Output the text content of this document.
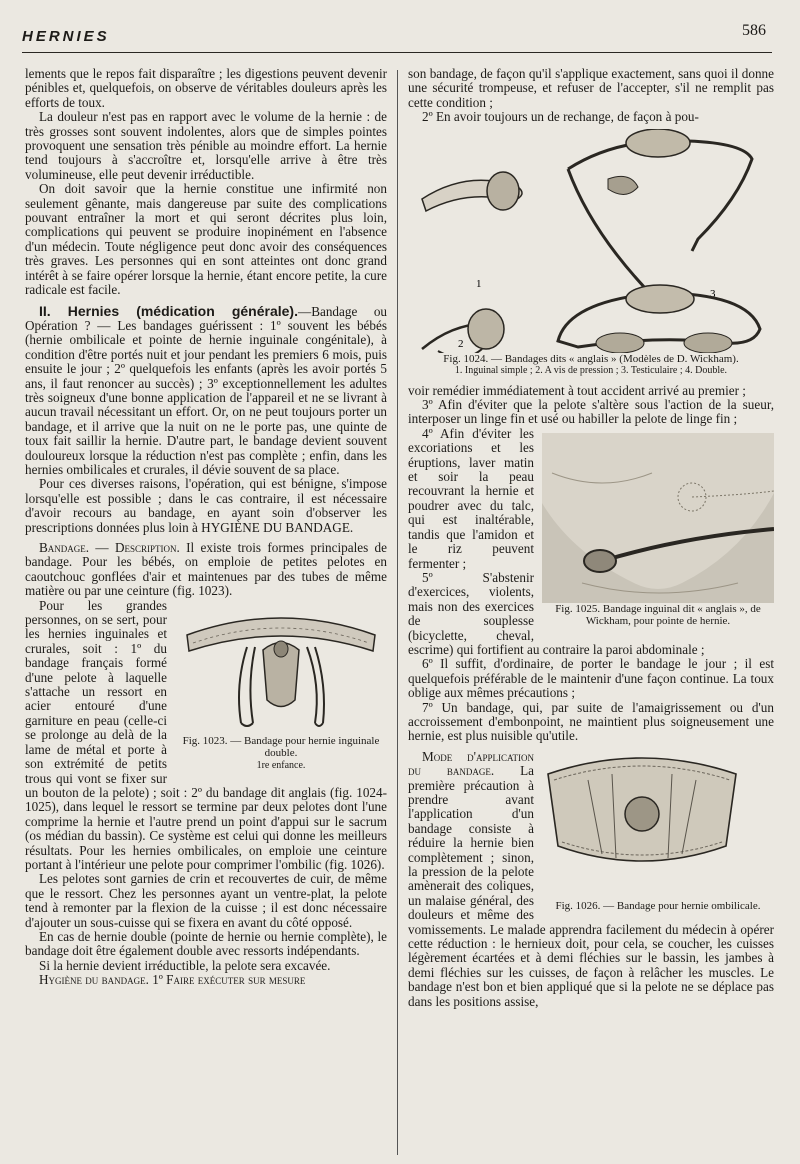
HERNIES	586

lements que le repos fait disparaître ; les digestions peuvent devenir pénibles et, quelquefois, on observe de véritables douleurs après les efforts de toux.

La douleur n'est pas en rapport avec le volume de la hernie : de très grosses sont souvent indolentes, alors que de simples pointes provoquent une sensation très pénible au moindre effort. La hernie tend toujours à s'accroître et, lorsqu'elle arrive à être très volumineuse, elle peut devenir irréductible.

On doit savoir que la hernie constitue une infirmité non seulement gênante, mais dangereuse par suite des complications pouvant entraîner la mort et qui seront décrites plus loin, complications qui peuvent se produire inopinément en l'absence d'un médecin. Toute négligence peut donc avoir des conséquences très graves. Les personnes qui en sont atteintes ont donc grand intérêt à se faire opérer lorsque la hernie, étant encore petite, la cure radicale est facile.

II. Hernies (médication générale).—Bandage ou Opération ? — Les bandages guérissent : 1º souvent les bébés (hernie ombilicale et pointe de hernie inguinale congénitale), à condition d'être portés nuit et jour pendant les premiers 6 mois, puis ensuite le jour ; 2º quelquefois les enfants (après les avoir portés 5 ans, il faut renoncer au succès) ; 3º exceptionnellement les adultes très soigneux d'une bonne application de l'appareil et ne se livrant à aucun travail nécessitant un effort. Or, on ne peut toujours porter un bandage, et il arrive que la nuit on ne le porte pas, une quinte de toux fait saillir la hernie. D'autre part, le bandage devient souvent douloureux lorsque la réduction n'est pas complète ; enfin, dans les hernies ombilicales et crurales, il dévie souvent de sa place.

Pour ces diverses raisons, l'opération, qui est bénigne, s'impose lorsqu'elle est possible ; dans le cas contraire, il est nécessaire d'avoir recours au bandage, en ayant soin d'observer les prescriptions données plus loin à HYGIÈNE DU BANDAGE.

Bandage. — Description. Il existe trois formes principales de bandage. Pour les bébés, on emploie de petites pelotes en caoutchouc gonflées d'air et maintenues par des tubes de même matière ou par une ceinture (fig. 1023).

Fig. 1023. — Bandage pour hernie inguinale double.
1re enfance.

Pour les grandes personnes, on se sert, pour les hernies inguinales et crurales, soit : 1º du bandage français formé d'une pelote à laquelle s'attache un ressort en acier entouré d'une garniture en peau (celle-ci se prolonge au delà de la lame de métal et porte à son extrémité de petits trous qui vont se fixer sur un bouton de la pelote) ; soit : 2º du bandage dit anglais (fig. 1024-1025), dans lequel le ressort se termine par deux pelotes dont l'une comprime la hernie et l'autre prend un point d'appui sur le sacrum (os médian du bassin). Ce système est celui qui donne les meilleurs résultats. Pour les hernies ombilicales, on emploie une ceinture portant à l'intérieur une pelote pour comprimer l'ombilic (fig. 1026).

Les pelotes sont garnies de crin et recouvertes de cuir, de même que le ressort. Chez les personnes ayant un ventre-plat, la pelote tend à remonter par la flexion de la cuisse ; il est donc nécessaire d'ajouter un sous-cuisse qui se fixera en avant du côté opposé.

En cas de hernie double (pointe de hernie ou hernie complète), le bandage doit être également double avec ressorts indépendants.

Si la hernie devient irréductible, la pelote sera excavée.

Hygiène du bandage. 1º Faire exécuter sur mesure

son bandage, de façon qu'il s'applique exactement, sans quoi il donne une sécurité trompeuse, et refuser de l'accepter, s'il ne remplit pas cette condition ;

2º En avoir toujours un de rechange, de façon à pou-

1
3
2
Fig. 1024. — Bandages dits « anglais » (Modèles de D. Wickham).
1. Inguinal simple ; 2. A vis de pression ; 3. Testiculaire ; 4. Double.

voir remédier immédiatement à tout accident arrivé au premier ;

3º Afin d'éviter que la pelote s'altère sous l'action de la sueur, interposer un linge fin et usé ou habiller la pelote de linge fin ;

Fig. 1025. Bandage inguinal dit « anglais », de Wickham, pour pointe de hernie.

4º Afin d'éviter les excoriations et les éruptions, laver matin et soir la peau recouvrant la hernie et poudrer avec du talc, qui est inaltérable, tandis que l'amidon et le riz peuvent fermenter ;

5º S'abstenir d'exercices, violents, mais non des exercices de souplesse (bicyclette, cheval, escrime) qui fortifient au contraire la paroi abdominale ;

6º Il suffit, d'ordinaire, de porter le bandage le jour ; il est quelquefois préférable de le maintenir d'une façon continue. La toux oblige aux mêmes précautions ;

7º Un bandage, qui, par suite de l'amaigrissement ou d'un accroissement d'embonpoint, ne maintient plus soigneusement une hernie, est plus nuisible qu'utile.

Fig. 1026. — Bandage pour hernie ombilicale.

Mode d'application du bandage. La première précaution à prendre avant l'application d'un bandage consiste à réduire la hernie bien complètement ; sinon, la pression de la pelote amènerait des coliques, un malaise général, des douleurs et même des vomissements. Le malade apprendra facilement du médecin à opérer cette réduction : le hernieux doit, pour cela, se coucher, les cuisses légèrement écartées et à demi fléchies sur le bassin, les jambes à demi fléchies sur les cuisses, de façon à relâcher les muscles. Le bandage n'est bon et bien appliqué que si la pelote ne se déplace pas dans les positions assise,
